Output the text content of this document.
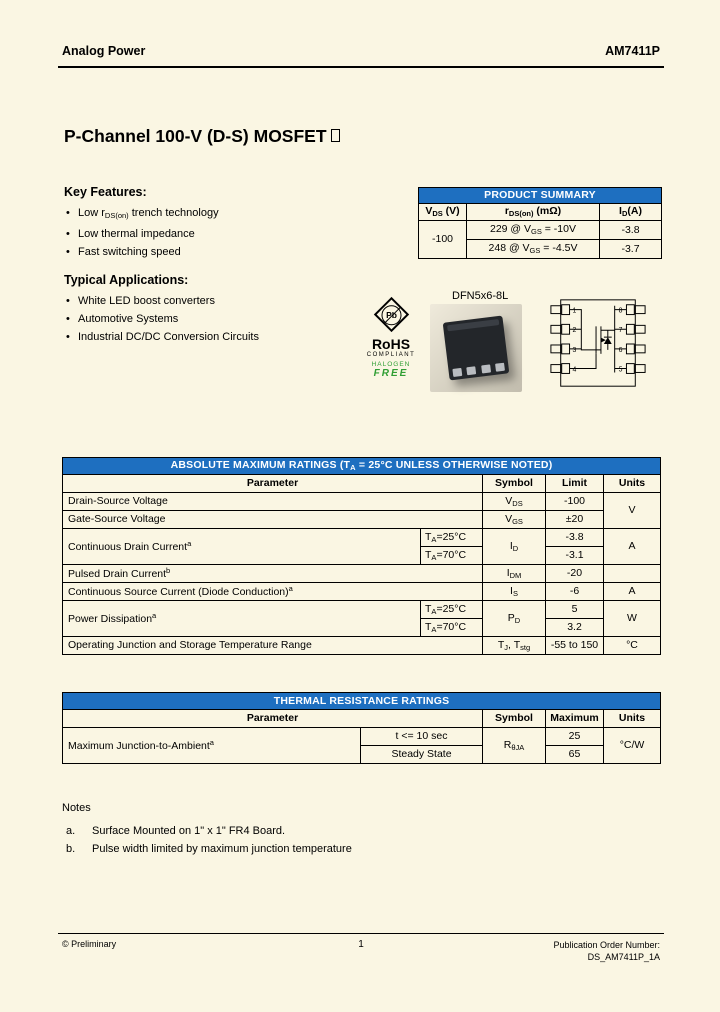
Analog Power	AM7411P
P-Channel 100-V (D-S) MOSFET
Key Features:
• Low $r_{DS(on)}$ trench technology
• Low thermal impedance
• Fast switching speed
Typical Applications:
• White LED boost converters
• Automotive Systems
• Industrial DC/DC Conversion Circuits
PRODUCT SUMMARY		
$V_{DS}$ (V)	$r_{DS(on)}$ (mΩ)	$I_D(A)$
-100	229 @ $V_{GS} = -10V$	-3.8
	248 @ $V_{GS} = -4.5V$	-3.7
Pb
RoHS
COMPLIANT
HALOGEN
FREE
DFN5x6-8L
1
2
3
4
8
7
6
5
ABSOLUTE MAXIMUM RATINGS ($T_A = 25^\circ C$ UNLESS OTHERWISE NOTED)				
Parameter		Symbol	Limit	Units
Drain-Source Voltage		$V_{DS}$	-100	V
Gate-Source Voltage		$V_{GS}$	±20	
Continuous Drain Current$^a$	$T_A=25^\circ C$	$I_D$	-3.8	A
	$T_A=70^\circ C$		-3.1	
Pulsed Drain Current$^b$		$I_{DM}$	-20	
Continuous Source Current (Diode Conduction)$^a$		$I_S$	-6	A
Power Dissipation$^a$	$T_A=25^\circ C$	$P_D$	5	W
	$T_A=70^\circ C$		3.2	
Operating Junction and Storage Temperature Range		$T_J$, $T_{stg}$	-55 to 150	°C
THERMAL RESISTANCE RATINGS				
Parameter		Symbol	Maximum	Units
Maximum Junction-to-Ambient$^a$	t <= 10 sec	$R_{\theta JA}$	25	°C/W
	Steady State		65	
Notes
a. Surface Mounted on 1" x 1" FR4 Board.
b. Pulse width limited by maximum junction temperature
© Preliminary	1	Publication Order Number:
DS_AM7411P_1A
